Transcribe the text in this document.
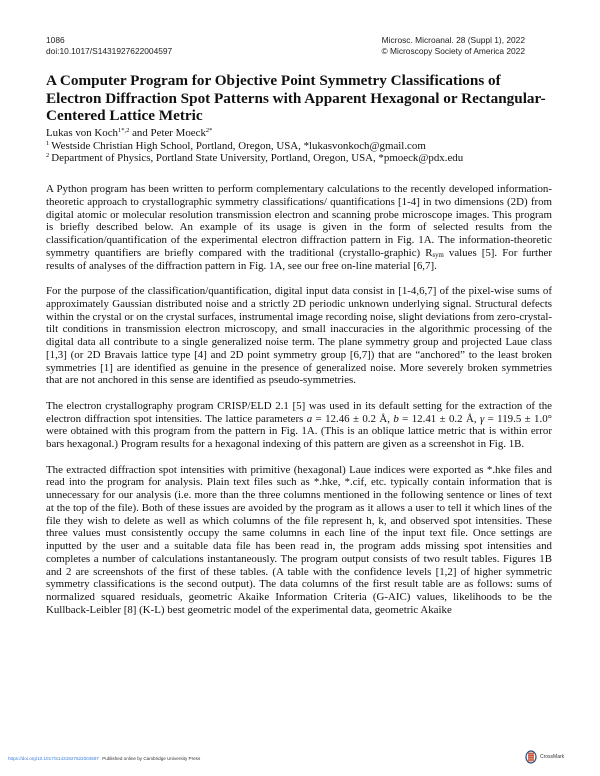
1086
doi:10.1017/S1431927622004597
Microsc. Microanal. 28 (Suppl 1), 2022
© Microscopy Society of America 2022
A Computer Program for Objective Point Symmetry Classifications of Electron Diffraction Spot Patterns with Apparent Hexagonal or Rectangular-Centered Lattice Metric
Lukas von Koch$^{1*,2}$ and Peter Moeck$^{2*}$
$^1$ Westside Christian High School, Portland, Oregon, USA, *lukasvonkoch@gmail.com
$^2$ Department of Physics, Portland State University, Portland, Oregon, USA, *pmoeck@pdx.edu

A Python program has been written to perform complementary calculations to the recently developed information-theoretic approach to crystallographic symmetry classifications/ quantifications [1-4] in two dimensions (2D) from digital atomic or molecular resolution transmission electron and scanning probe microscope images. This program is briefly described below. An example of its usage is given in the form of selected results from the classification/quantification of the experimental electron diffraction pattern in Fig. 1A. The information-theoretic symmetry quantifiers are briefly compared with the traditional (crystallo-graphic) $R_{sym}$ values [5]. For further results of analyses of the diffraction pattern in Fig. 1A, see our free on-line material [6,7].

For the purpose of the classification/quantification, digital input data consist in [1-4,6,7] of the pixel-wise sums of approximately Gaussian distributed noise and a strictly 2D periodic unknown underlying signal. Structural defects within the crystal or on the crystal surfaces, instrumental image recording noise, slight deviations from zero-crystal-tilt conditions in transmission electron microscopy, and small inaccuracies in the algorithmic processing of the digital data all contribute to a single generalized noise term. The plane symmetry group and projected Laue class [1,3] (or 2D Bravais lattice type [4] and 2D point symmetry group [6,7]) that are “anchored” to the least broken symmetries [1] are identified as genuine in the presence of generalized noise. More severely broken symmetries that are not anchored in this sense are identified as pseudo-symmetries.

The electron crystallography program CRISP/ELD 2.1 [5] was used in its default setting for the extraction of the electron diffraction spot intensities. The lattice parameters a = 12.46 ± 0.2 Å, b = 12.41 ± 0.2 Å, γ = 119.5 ± 1.0° were obtained with this program from the pattern in Fig. 1A. (This is an oblique lattice metric that is within error bars hexagonal.) Program results for a hexagonal indexing of this pattern are given as a screenshot in Fig. 1B.

The extracted diffraction spot intensities with primitive (hexagonal) Laue indices were exported as *.hke files and read into the program for analysis. Plain text files such as *.hke, *.cif, etc. typically contain information that is unnecessary for our analysis (i.e. more than the three columns mentioned in the following sentence or lines of text at the top of the file). Both of these issues are avoided by the program as it allows a user to tell it which lines of the file they wish to delete as well as which columns of the file represent h, k, and observed spot intensities. These three values must consistently occupy the same columns in each line of the input text file. Once settings are inputted by the user and a suitable data file has been read in, the program adds missing spot intensities and completes a number of calculations instantaneously. The program output consists of two result tables. Figures 1B and 2 are screenshots of the first of these tables. (A table with the confidence levels [1,2] of higher symmetric symmetry classifications is the second output). The data columns of the first result table are as follows: sums of normalized squared residuals, geometric Akaike Information Criteria (G-AIC) values, likelihoods to be the Kullback-Leibler [8] (K-L) best geometric model of the experimental data, geometric Akaike

https://doi.org/10.1017/S1431927622004597 Published online by Cambridge University Press	CrossMark
